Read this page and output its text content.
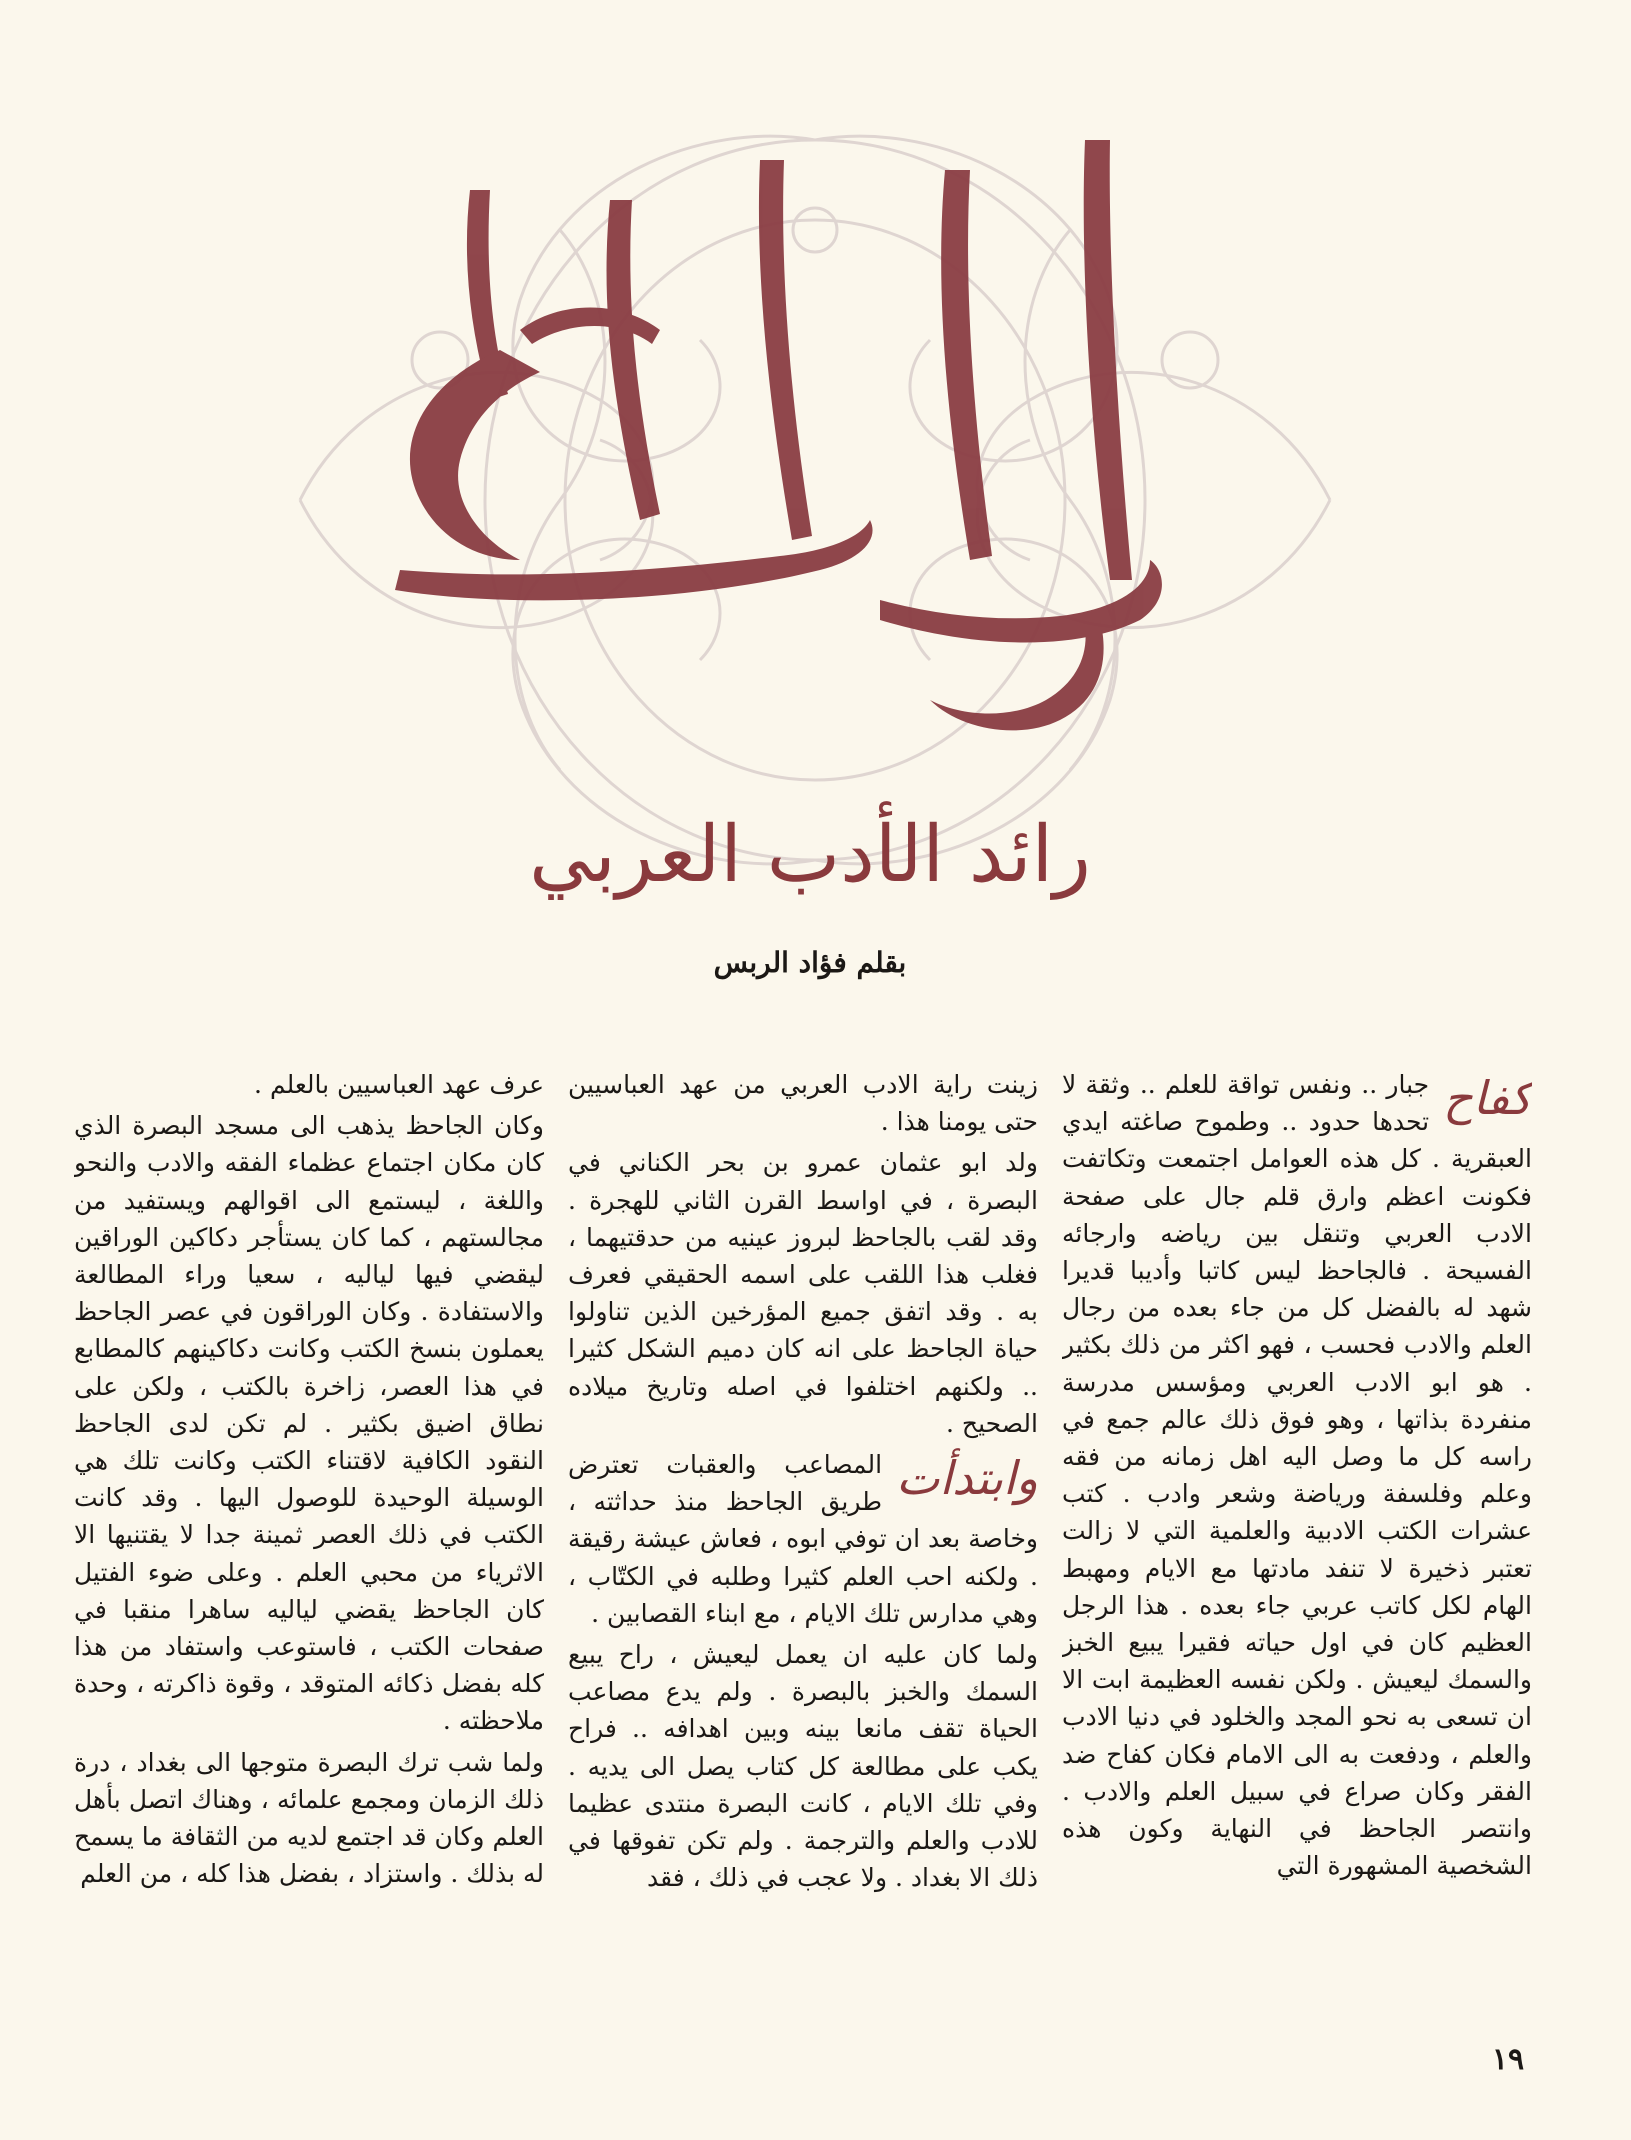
رائد الأدب العربي
بقلم فؤاد الربس
كفاح

جبار .. ونفس تواقة للعلم .. وثقة لا تحدها حدود .. وطموح صاغته ايدي العبقرية . كل هذه العوامل اجتمعت وتكاتفت فكونت اعظم وارق قلم جال على صفحة الادب العربي وتنقل بين رياضه وارجائه الفسيحة . فالجاحظ ليس كاتبا وأديبا قديرا شهد له بالفضل كل من جاء بعده من رجال العلم والادب فحسب ، فهو اكثر من ذلك بكثير . هو ابو الادب العربي ومؤسس مدرسة منفردة بذاتها ، وهو فوق ذلك عالم جمع في راسه كل ما وصل اليه اهل زمانه من فقه وعلم وفلسفة ورياضة وشعر وادب . كتب عشرات الكتب الادبية والعلمية التي لا زالت تعتبر ذخيرة لا تنفد مادتها مع الايام ومهبط الهام لكل كاتب عربي جاء بعده . هذا الرجل العظيم كان في اول حياته فقيرا يبيع الخبز والسمك ليعيش . ولكن نفسه العظيمة ابت الا ان تسعى به نحو المجد والخلود في دنيا الادب والعلم ، ودفعت به الى الامام فكان كفاح ضد الفقر وكان صراع في سبيل العلم والادب . وانتصر الجاحظ في النهاية وكون هذه الشخصية المشهورة التي

زينت راية الادب العربي من عهد العباسيين حتى يومنا هذا .

ولد ابو عثمان عمرو بن بحر الكناني في البصرة ، في اواسط القرن الثاني للهجرة . وقد لقب بالجاحظ لبروز عينيه من حدقتيهما ، فغلب هذا اللقب على اسمه الحقيقي فعرف به . وقد اتفق جميع المؤرخين الذين تناولوا حياة الجاحظ على انه كان دميم الشكل كثيرا .. ولكنهم اختلفوا في اصله وتاريخ ميلاده الصحيح .

وابتدأت

المصاعب والعقبات تعترض طريق الجاحظ منذ حداثته ، وخاصة بعد ان توفي ابوه ، فعاش عيشة رقيقة . ولكنه احب العلم كثيرا وطلبه في الكتّاب ، وهي مدارس تلك الايام ، مع ابناء القصابين .

ولما كان عليه ان يعمل ليعيش ، راح يبيع السمك والخبز بالبصرة . ولم يدع مصاعب الحياة تقف مانعا بينه وبين اهدافه .. فراح يكب على مطالعة كل كتاب يصل الى يديه . وفي تلك الايام ، كانت البصرة منتدى عظيما للادب والعلم والترجمة . ولم تكن تفوقها في ذلك الا بغداد . ولا عجب في ذلك ، فقد

عرف عهد العباسيين بالعلم .

وكان الجاحظ يذهب الى مسجد البصرة الذي كان مكان اجتماع عظماء الفقه والادب والنحو واللغة ، ليستمع الى اقوالهم ويستفيد من مجالستهم ، كما كان يستأجر دكاكين الوراقين ليقضي فيها لياليه ، سعيا وراء المطالعة والاستفادة . وكان الوراقون في عصر الجاحظ يعملون بنسخ الكتب وكانت دكاكينهم كالمطابع في هذا العصر، زاخرة بالكتب ، ولكن على نطاق اضيق بكثير . لم تكن لدى الجاحظ النقود الكافية لاقتناء الكتب وكانت تلك هي الوسيلة الوحيدة للوصول اليها . وقد كانت الكتب في ذلك العصر ثمينة جدا لا يقتنيها الا الاثرياء من محبي العلم . وعلى ضوء الفتيل كان الجاحظ يقضي لياليه ساهرا منقبا في صفحات الكتب ، فاستوعب واستفاد من هذا كله بفضل ذكائه المتوقد ، وقوة ذاكرته ، وحدة ملاحظته .

ولما شب ترك البصرة متوجها الى بغداد ، درة ذلك الزمان ومجمع علمائه ، وهناك اتصل بأهل العلم وكان قد اجتمع لديه من الثقافة ما يسمح له بذلك . واستزاد ، بفضل هذا كله ، من العلم

١٩
